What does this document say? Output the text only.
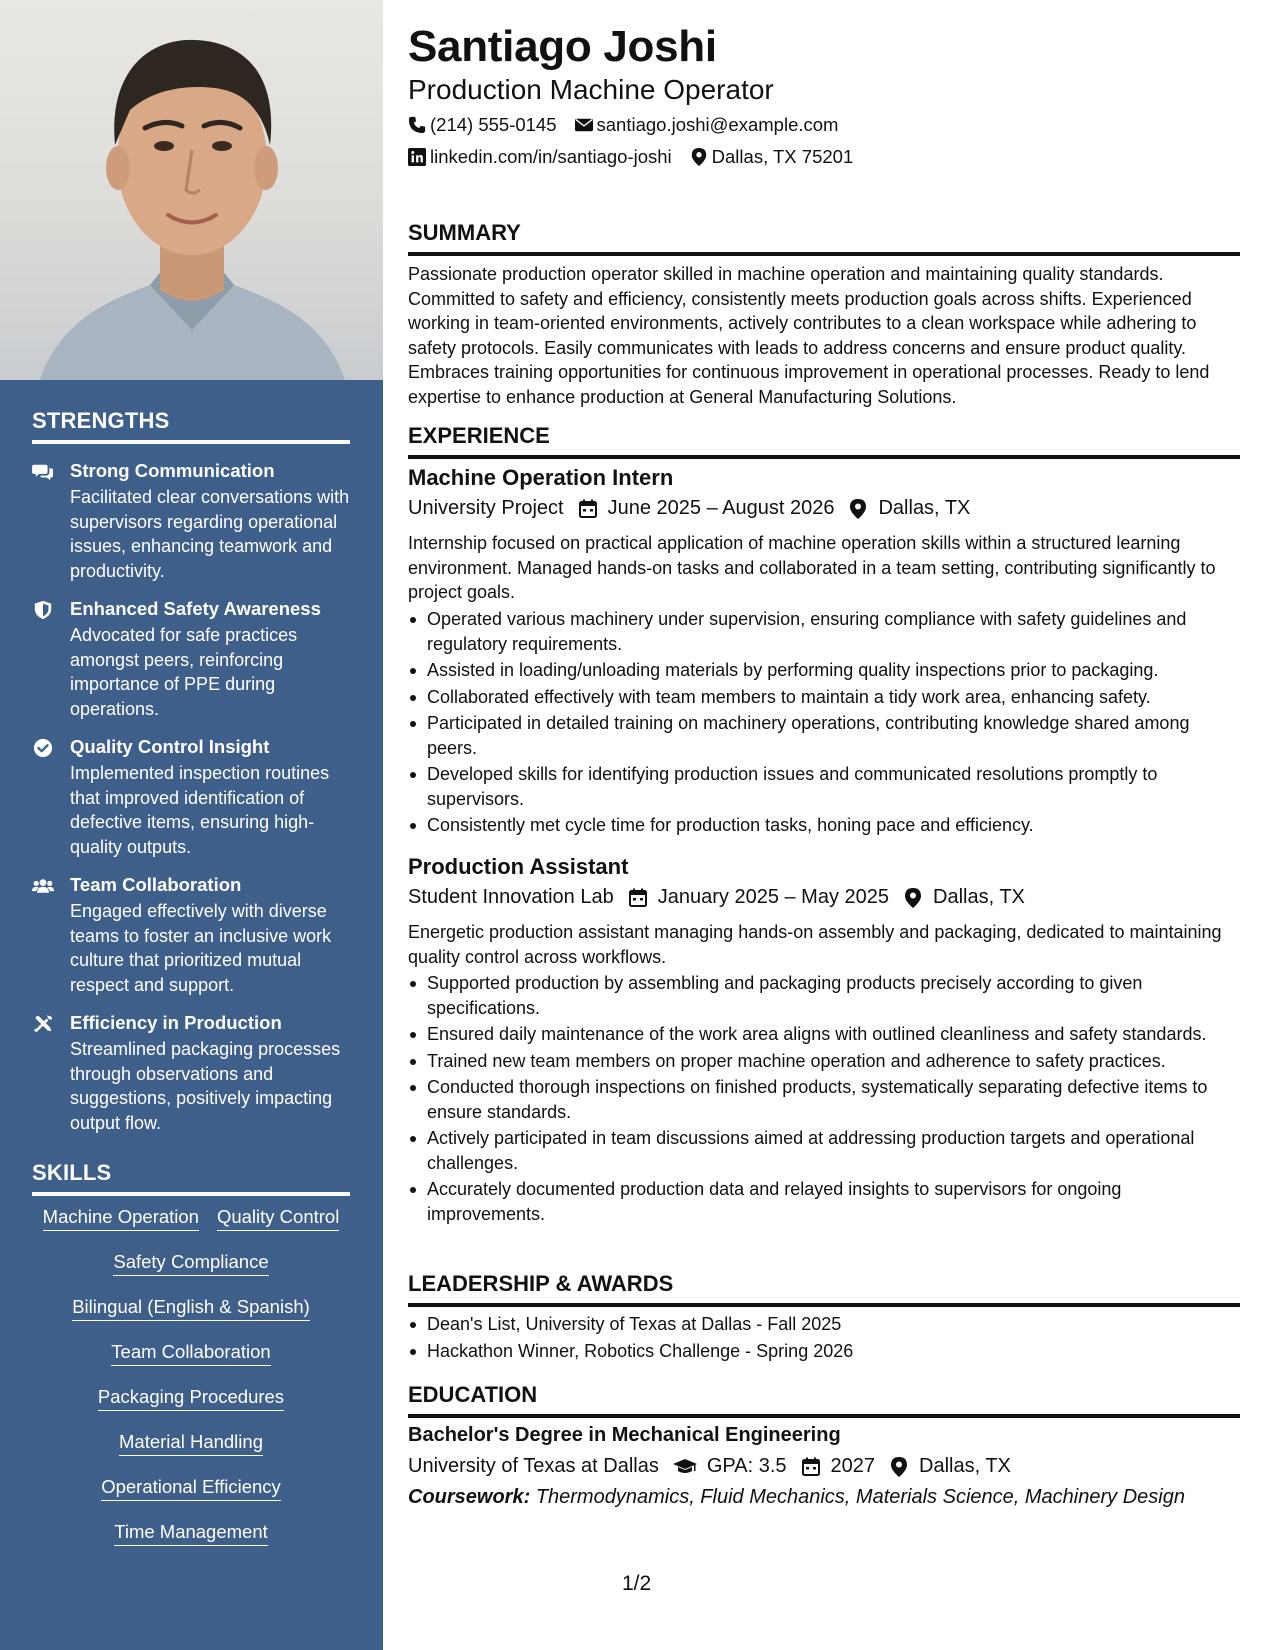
STRENGTHS
Strong Communication
Facilitated clear conversations with supervisors regarding operational issues, enhancing teamwork and productivity.
Enhanced Safety Awareness
Advocated for safe practices amongst peers, reinforcing importance of PPE during operations.
Quality Control Insight
Implemented inspection routines that improved identification of defective items, ensuring high-quality outputs.
Team Collaboration
Engaged effectively with diverse teams to foster an inclusive work culture that prioritized mutual respect and support.
Efficiency in Production
Streamlined packaging processes through observations and suggestions, positively impacting output flow.
SKILLS
Machine Operation Quality Control
Safety Compliance
Bilingual (English & Spanish)
Team Collaboration
Packaging Procedures
Material Handling
Operational Efficiency
Time Management
Santiago Joshi
Production Machine Operator
(214) 555-0145 santiago.joshi@example.com
linkedin.com/in/santiago-joshi Dallas, TX 75201
SUMMARY
Passionate production operator skilled in machine operation and maintaining quality standards. Committed to safety and efficiency, consistently meets production goals across shifts. Experienced working in team-oriented environments, actively contributes to a clean workspace while adhering to safety protocols. Easily communicates with leads to address concerns and ensure product quality. Embraces training opportunities for continuous improvement in operational processes. Ready to lend expertise to enhance production at General Manufacturing Solutions.
EXPERIENCE
Machine Operation Intern
University Project June 2025 – August 2026 Dallas, TX
Internship focused on practical application of machine operation skills within a structured learning environment. Managed hands-on tasks and collaborated in a team setting, contributing significantly to project goals.
Operated various machinery under supervision, ensuring compliance with safety guidelines and regulatory requirements.
Assisted in loading/unloading materials by performing quality inspections prior to packaging.
Collaborated effectively with team members to maintain a tidy work area, enhancing safety.
Participated in detailed training on machinery operations, contributing knowledge shared among peers.
Developed skills for identifying production issues and communicated resolutions promptly to supervisors.
Consistently met cycle time for production tasks, honing pace and efficiency.
Production Assistant
Student Innovation Lab January 2025 – May 2025 Dallas, TX
Energetic production assistant managing hands-on assembly and packaging, dedicated to maintaining quality control across workflows.
Supported production by assembling and packaging products precisely according to given specifications.
Ensured daily maintenance of the work area aligns with outlined cleanliness and safety standards.
Trained new team members on proper machine operation and adherence to safety practices.
Conducted thorough inspections on finished products, systematically separating defective items to ensure standards.
Actively participated in team discussions aimed at addressing production targets and operational challenges.
Accurately documented production data and relayed insights to supervisors for ongoing improvements.
LEADERSHIP & AWARDS
Dean's List, University of Texas at Dallas - Fall 2025
Hackathon Winner, Robotics Challenge - Spring 2026
EDUCATION
Bachelor's Degree in Mechanical Engineering
University of Texas at Dallas GPA: 3.5 2027 Dallas, TX
Coursework: Thermodynamics, Fluid Mechanics, Materials Science, Machinery Design
1/2
